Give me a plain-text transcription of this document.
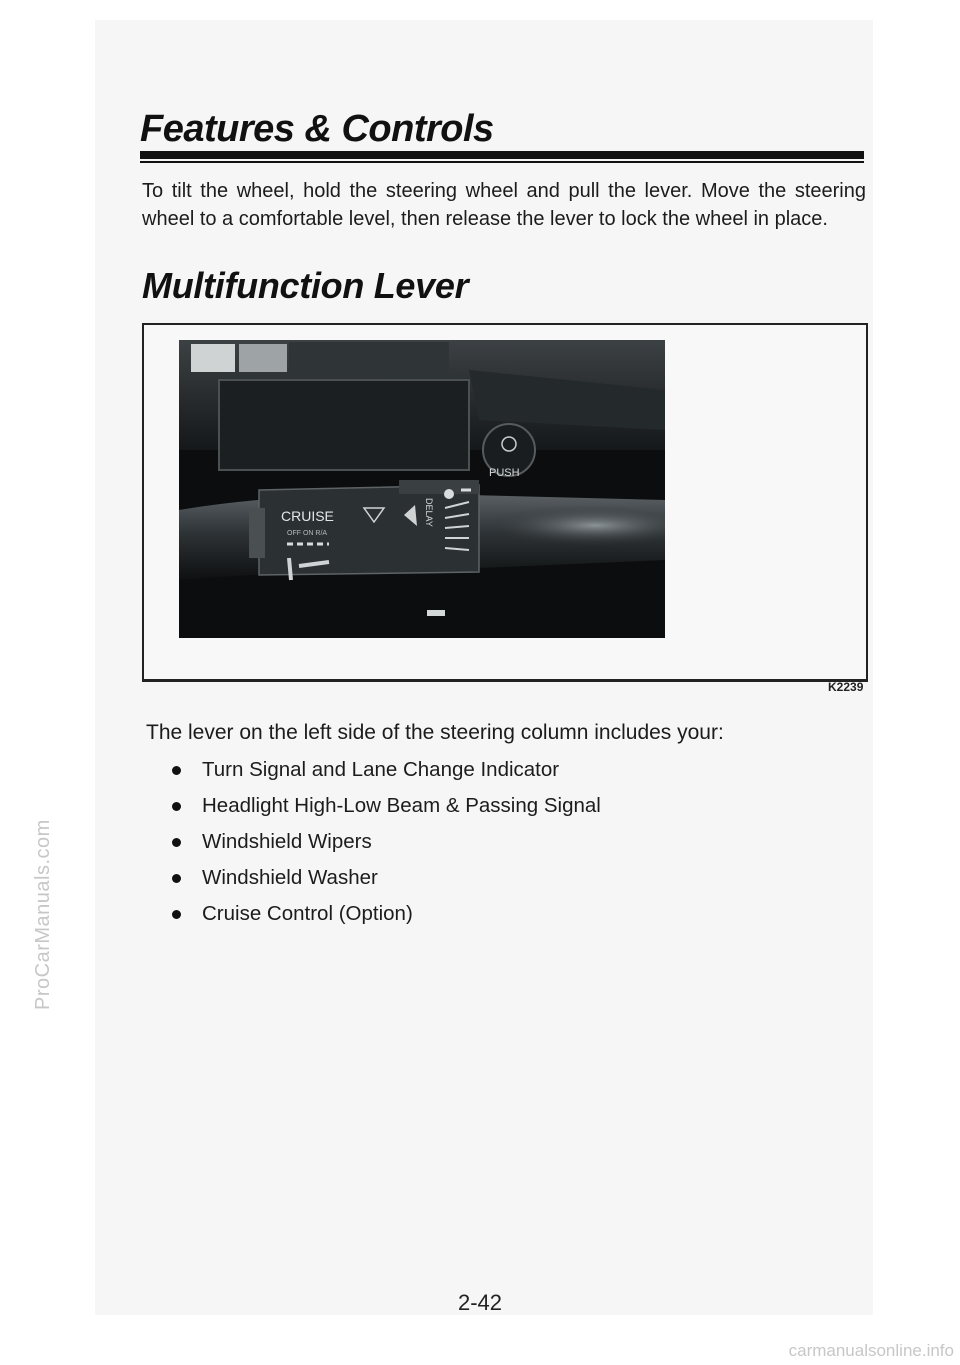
Features & Controls

To tilt the wheel, hold the steering wheel and pull the lever. Move the steering wheel to a comfortable level, then release the lever to lock the wheel in place.

Multifunction Lever
PUSH
CRUISE
OFF ON R/A
DELAY

K2239

The lever on the left side of the steering column includes your:

Turn Signal and Lane Change Indicator
Headlight High-Low Beam & Passing Signal
Windshield Wipers
Windshield Washer
Cruise Control (Option)

2-42

ProCarManuals.com

carmanualsonline.info
